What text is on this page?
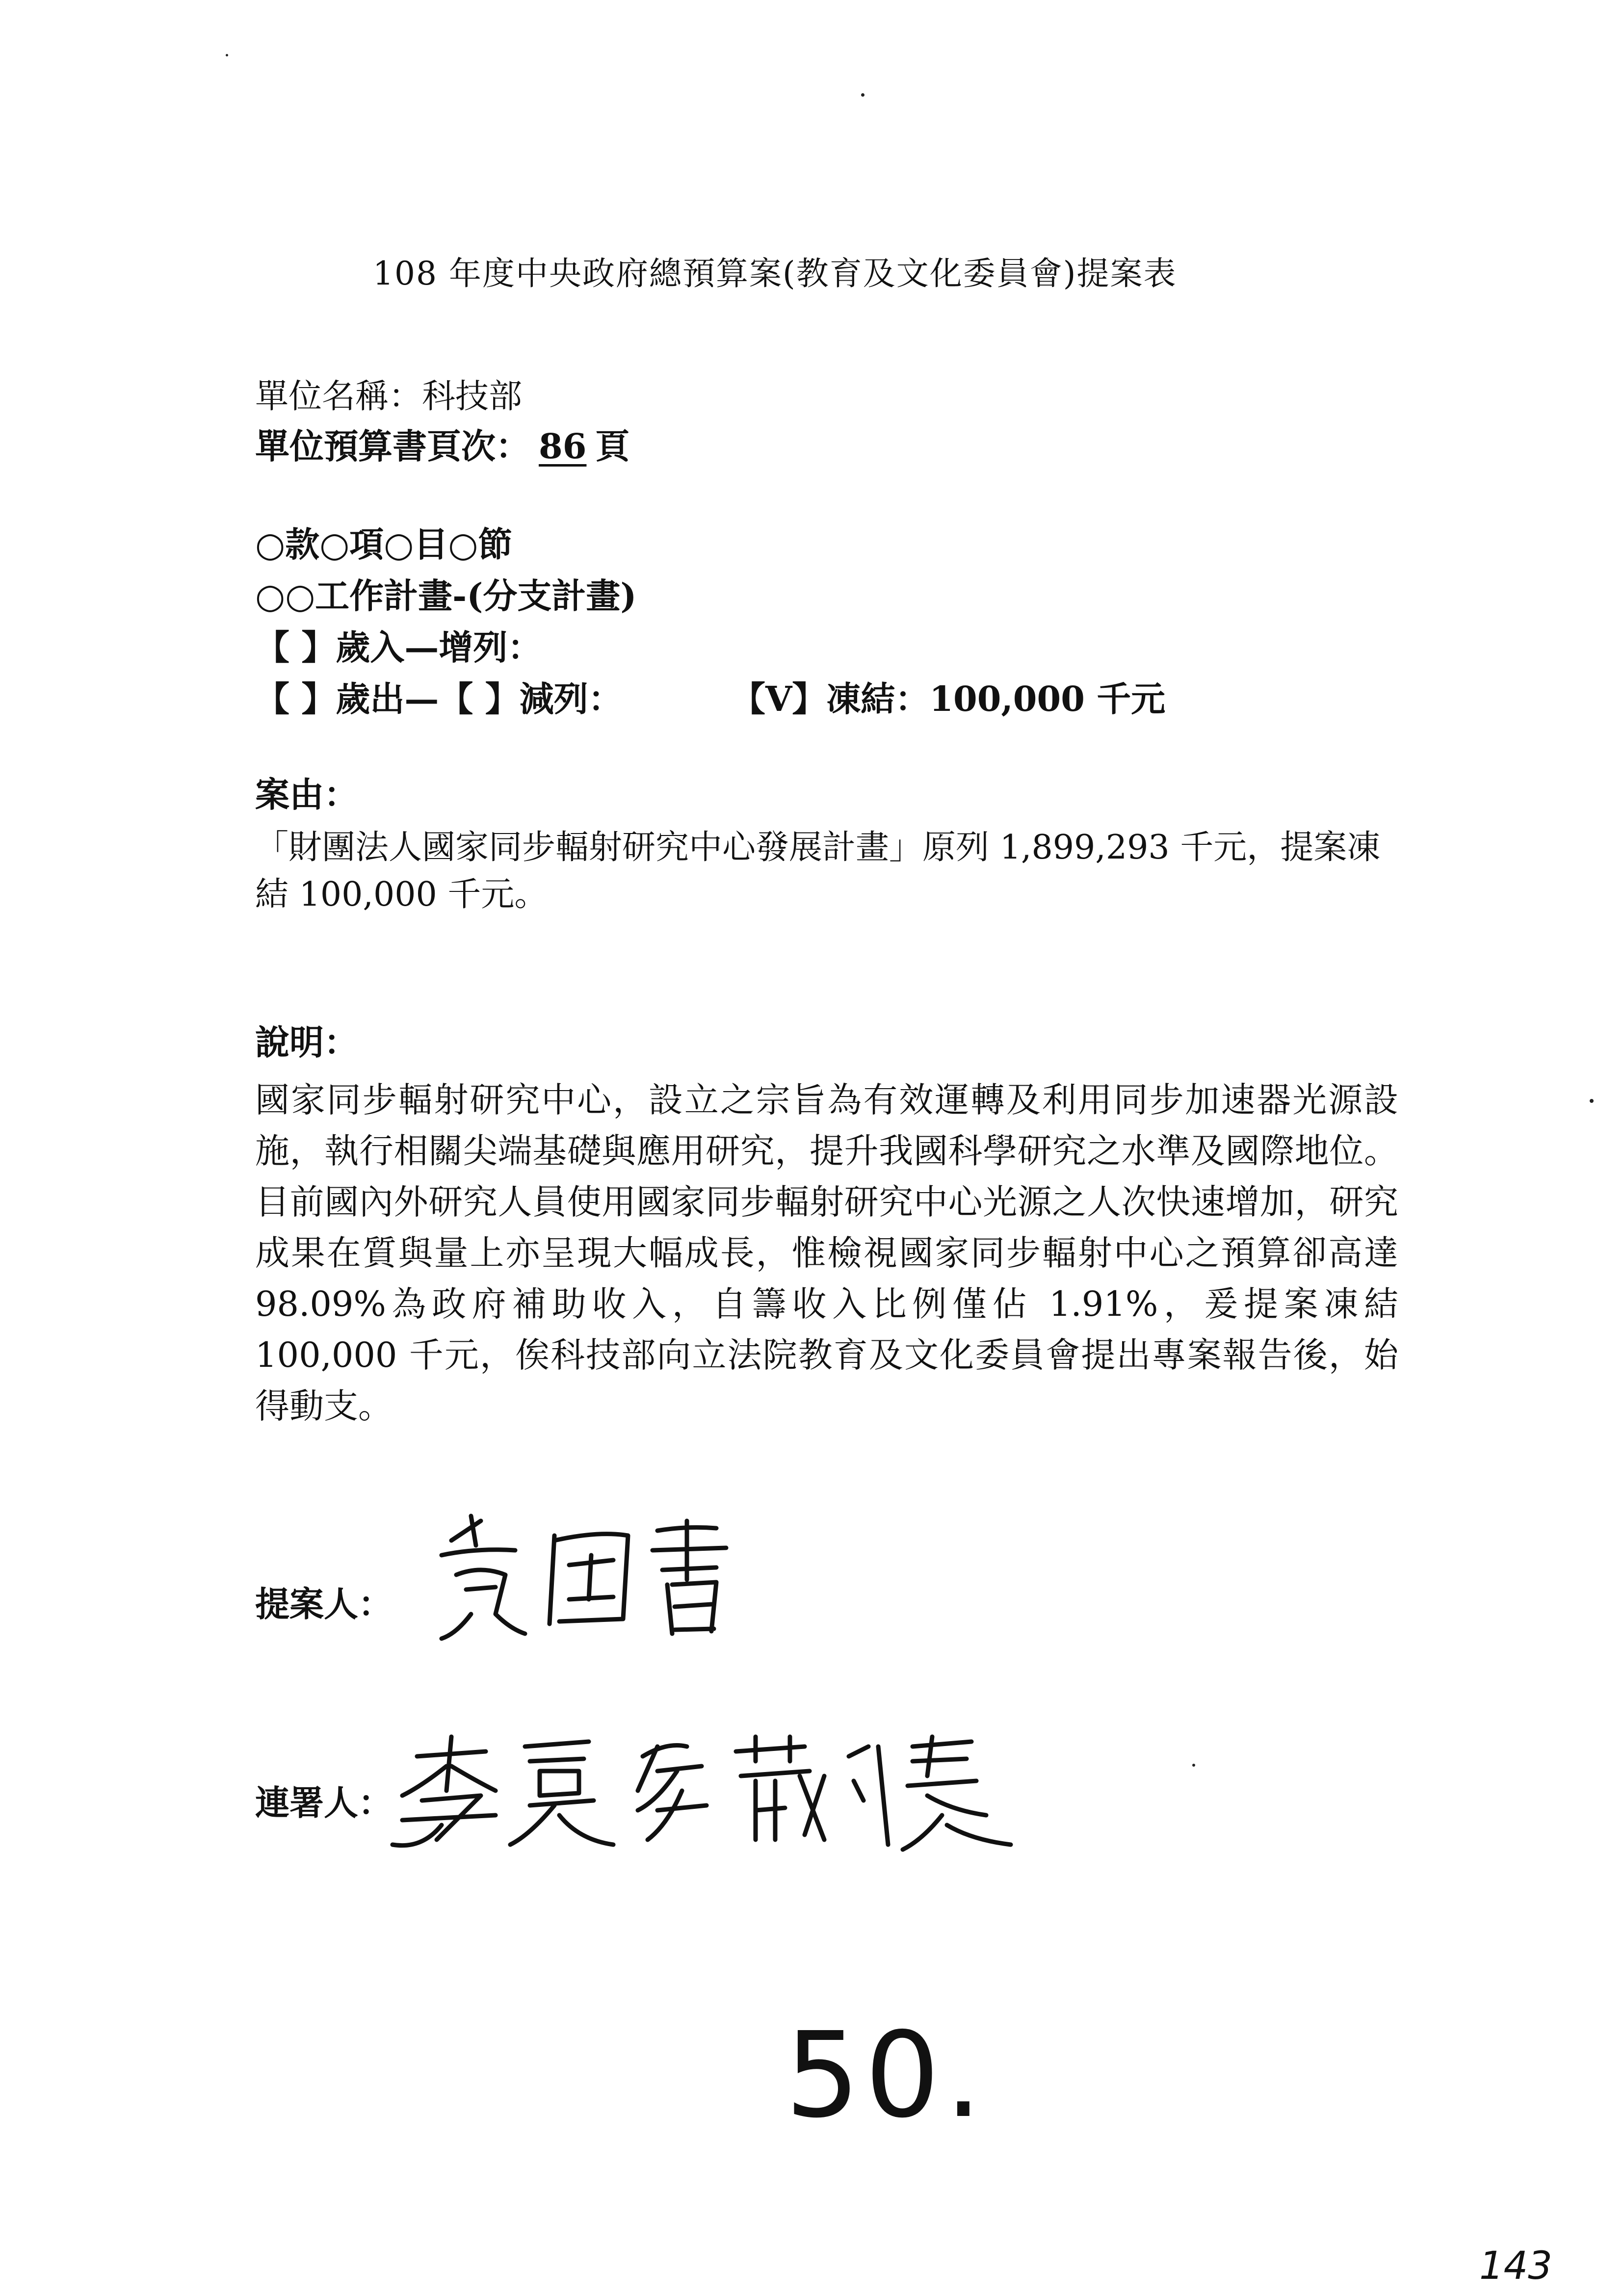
108 年度中央政府總預算案(教育及文化委員會)提案表
單位名稱：科技部
單位預算書頁次： 86 頁
○款○項○目○節
○○工作計畫-(分支計畫)
【 】歲入—增列：
【 】歲出—【 】減列：	【V】凍結：100,000 千元
案由：
「財團法人國家同步輻射研究中心發展計畫」原列 1,899,293 千元，提案凍結 100,000 千元。
說明：
國家同步輻射研究中心，設立之宗旨為有效運轉及利用同步加速器光源設施，執行相關尖端基礎與應用研究，提升我國科學研究之水準及國際地位。目前國內外研究人員使用國家同步輻射研究中心光源之人次快速增加，研究成果在質與量上亦呈現大幅成長，惟檢視國家同步輻射中心之預算卻高達 98.09%為政府補助收入，自籌收入比例僅佔 1.91%，爰提案凍結 100,000 千元，俟科技部向立法院教育及文化委員會提出專案報告後，始得動支。
提案人：
連署人：
50.
143
